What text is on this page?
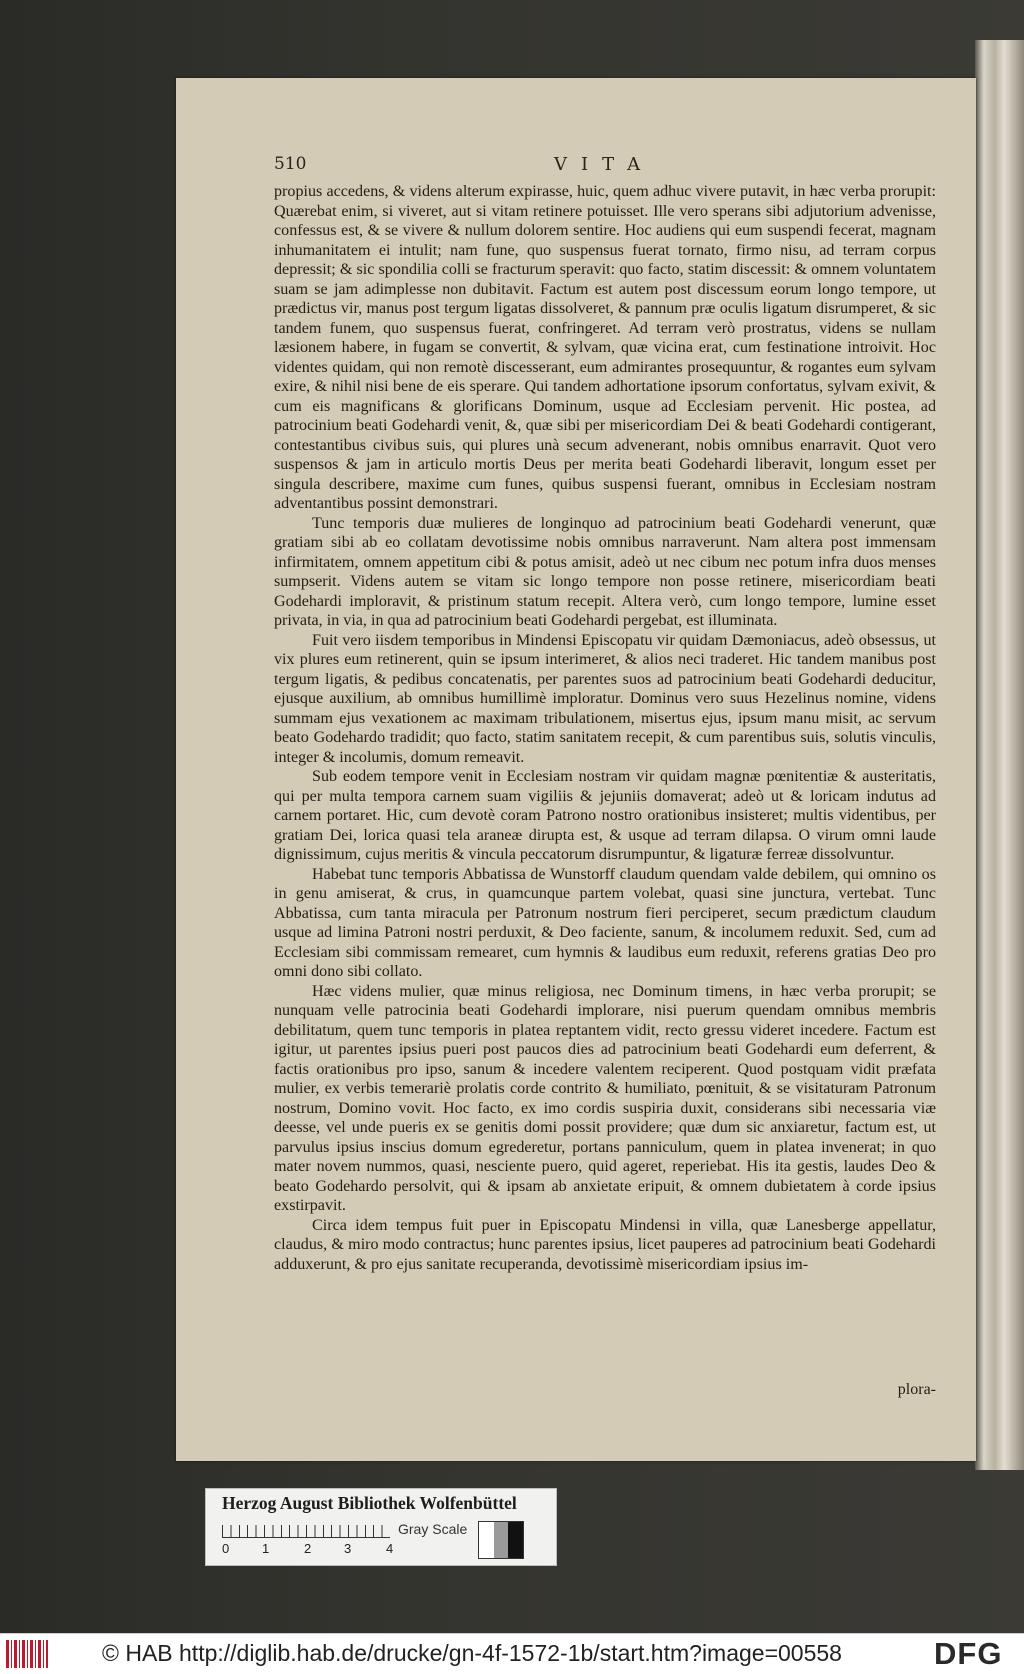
510	VITA

propius accedens, & videns alterum expirasse, huic, quem adhuc vivere putavit, in hæc verba prorupit: Quærebat enim, si viveret, aut si vitam retinere potuisset. Ille vero sperans sibi adjutorium advenisse, confessus est, & se vivere & nullum dolorem sentire. Hoc audiens qui eum suspendi fecerat, magnam inhumanitatem ei intulit; nam fune, quo suspensus fuerat tornato, firmo nisu, ad terram corpus depressit; & sic spondilia colli se fracturum speravit: quo facto, statim discessit: & omnem voluntatem suam se jam adimplesse non dubitavit. Factum est autem post discessum eorum longo tempore, ut prædictus vir, manus post tergum ligatas dissolveret, & pannum præ oculis ligatum disrumperet, & sic tandem funem, quo suspensus fuerat, confringeret. Ad terram verò prostratus, videns se nullam læsionem habere, in fugam se convertit, & sylvam, quæ vicina erat, cum festinatione introivit. Hoc videntes quidam, qui non remotè discesserant, eum admirantes prosequuntur, & rogantes eum sylvam exire, & nihil nisi bene de eis sperare. Qui tandem adhortatione ipsorum confortatus, sylvam exivit, & cum eis magnificans & glorificans Dominum, usque ad Ecclesiam pervenit. Hic postea, ad patrocinium beati Godehardi venit, &, quæ sibi per misericordiam Dei & beati Godehardi contigerant, contestantibus civibus suis, qui plures unà secum advenerant, nobis omnibus enarravit. Quot vero suspensos & jam in articulo mortis Deus per merita beati Godehardi liberavit, longum esset per singula describere, maxime cum funes, quibus suspensi fuerant, omnibus in Ecclesiam nostram adventantibus possint demonstrari.

Tunc temporis duæ mulieres de longinquo ad patrocinium beati Godehardi venerunt, quæ gratiam sibi ab eo collatam devotissime nobis omnibus narraverunt. Nam altera post immensam infirmitatem, omnem appetitum cibi & potus amisit, adeò ut nec cibum nec potum infra duos menses sumpserit. Videns autem se vitam sic longo tempore non posse retinere, misericordiam beati Godehardi imploravit, & pristinum statum recepit. Altera verò, cum longo tempore, lumine esset privata, in via, in qua ad patrocinium beati Godehardi pergebat, est illuminata.

Fuit vero iisdem temporibus in Mindensi Episcopatu vir quidam Dæmoniacus, adeò obsessus, ut vix plures eum retinerent, quin se ipsum interimeret, & alios neci traderet. Hic tandem manibus post tergum ligatis, & pedibus concatenatis, per parentes suos ad patrocinium beati Godehardi deducitur, ejusque auxilium, ab omnibus humillimè imploratur. Dominus vero suus Hezelinus nomine, videns summam ejus vexationem ac maximam tribulationem, misertus ejus, ipsum manu misit, ac servum beato Godehardo tradidit; quo facto, statim sanitatem recepit, & cum parentibus suis, solutis vinculis, integer & incolumis, domum remeavit.

Sub eodem tempore venit in Ecclesiam nostram vir quidam magnæ pœnitentiæ & austeritatis, qui per multa tempora carnem suam vigiliis & jejuniis domaverat; adeò ut & loricam indutus ad carnem portaret. Hic, cum devotè coram Patrono nostro orationibus insisteret; multis videntibus, per gratiam Dei, lorica quasi tela araneæ dirupta est, & usque ad terram dilapsa. O virum omni laude dignissimum, cujus meritis & vincula peccatorum disrumpuntur, & ligaturæ ferreæ dissolvuntur.

Habebat tunc temporis Abbatissa de Wunstorff claudum quendam valde debilem, qui omnino os in genu amiserat, & crus, in quamcunque partem volebat, quasi sine junctura, vertebat. Tunc Abbatissa, cum tanta miracula per Patronum nostrum fieri perciperet, secum prædictum claudum usque ad limina Patroni nostri perduxit, & Deo faciente, sanum, & incolumem reduxit. Sed, cum ad Ecclesiam sibi commissam remearet, cum hymnis & laudibus eum reduxit, referens gratias Deo pro omni dono sibi collato.

Hæc videns mulier, quæ minus religiosa, nec Dominum timens, in hæc verba prorupit; se nunquam velle patrocinia beati Godehardi implorare, nisi puerum quendam omnibus membris debilitatum, quem tunc temporis in platea reptantem vidit, recto gressu videret incedere. Factum est igitur, ut parentes ipsius pueri post paucos dies ad patrocinium beati Godehardi eum deferrent, & factis orationibus pro ipso, sanum & incedere valentem reciperent. Quod postquam vidit præfata mulier, ex verbis temerariè prolatis corde contrito & humiliato, pœnituit, & se visitaturam Patronum nostrum, Domino vovit. Hoc facto, ex imo cordis suspiria duxit, considerans sibi necessaria viæ deesse, vel unde pueris ex se genitis domi possit providere; quæ dum sic anxiaretur, factum est, ut parvulus ipsius inscius domum egrederetur, portans panniculum, quem in platea invenerat; in quo mater novem nummos, quasi, nesciente puero, quid ageret, reperiebat. His ita gestis, laudes Deo & beato Godehardo persolvit, qui & ipsam ab anxietate eripuit, & omnem dubietatem à corde ipsius exstirpavit.

Circa idem tempus fuit puer in Episcopatu Mindensi in villa, quæ Lanesberge appellatur, claudus, & miro modo contractus; hunc parentes ipsius, licet pauperes ad patrocinium beati Godehardi adduxerunt, & pro ejus sanitate recuperanda, devotissimè misericordiam ipsius im-

plora-
Herzog August Bibliothek Wolfenbüttel
0	1	2	3	4
Gray Scale
© HAB http://diglib.hab.de/drucke/gn-4f-1572-1b/start.htm?image=00558	DFG
